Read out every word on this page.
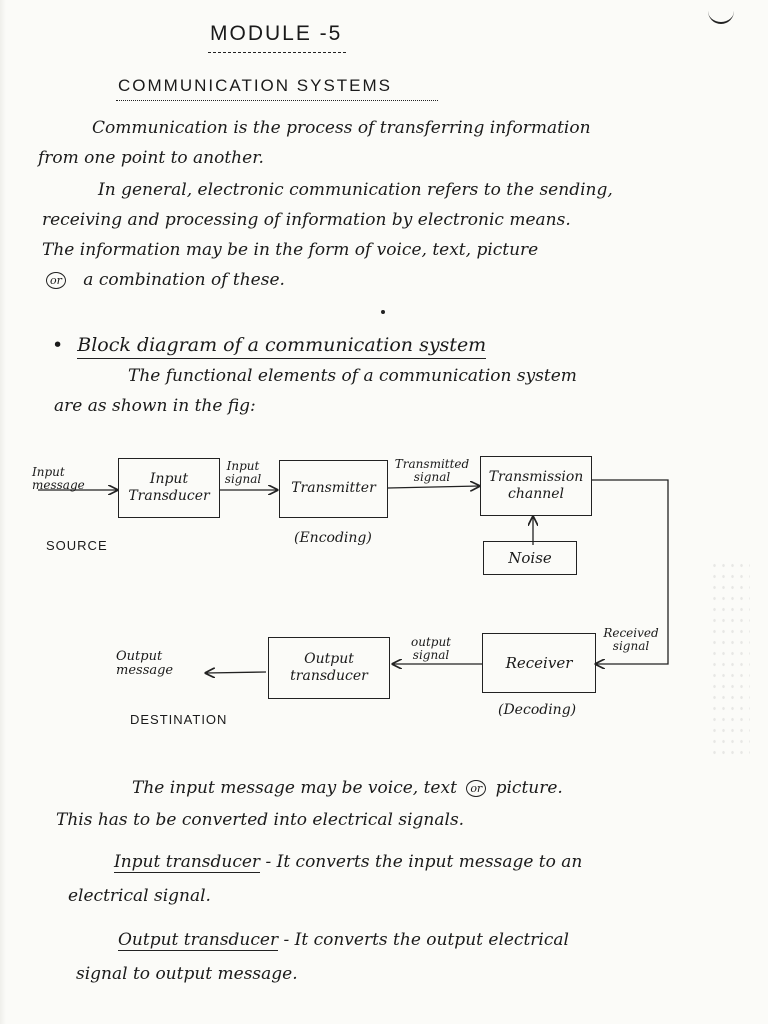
MODULE -5
COMMUNICATION SYSTEMS
Communication is the process of transferring information
from one point to another.
In general, electronic communication refers to the sending,
receiving and processing of information by electronic means.
The information may be in the form of voice, text, picture
or a combination of these.
• Block diagram of a communication system
The functional elements of a communication system
are as shown in the fig:
Input
message	Input
Transducer
Input
signal
Transmitter
Transmitted
signal	Transmission
channel
Noise
SOURCE	(Encoding)
Received
signal
Receiver
output
signal
Output
transducer
Output
message
DESTINATION
(Decoding)
The input message may be voice, text or picture.
This has to be converted into electrical signals.
Input transducer - It converts the input message to an
electrical signal.
Output transducer - It converts the output electrical
signal to output message.
